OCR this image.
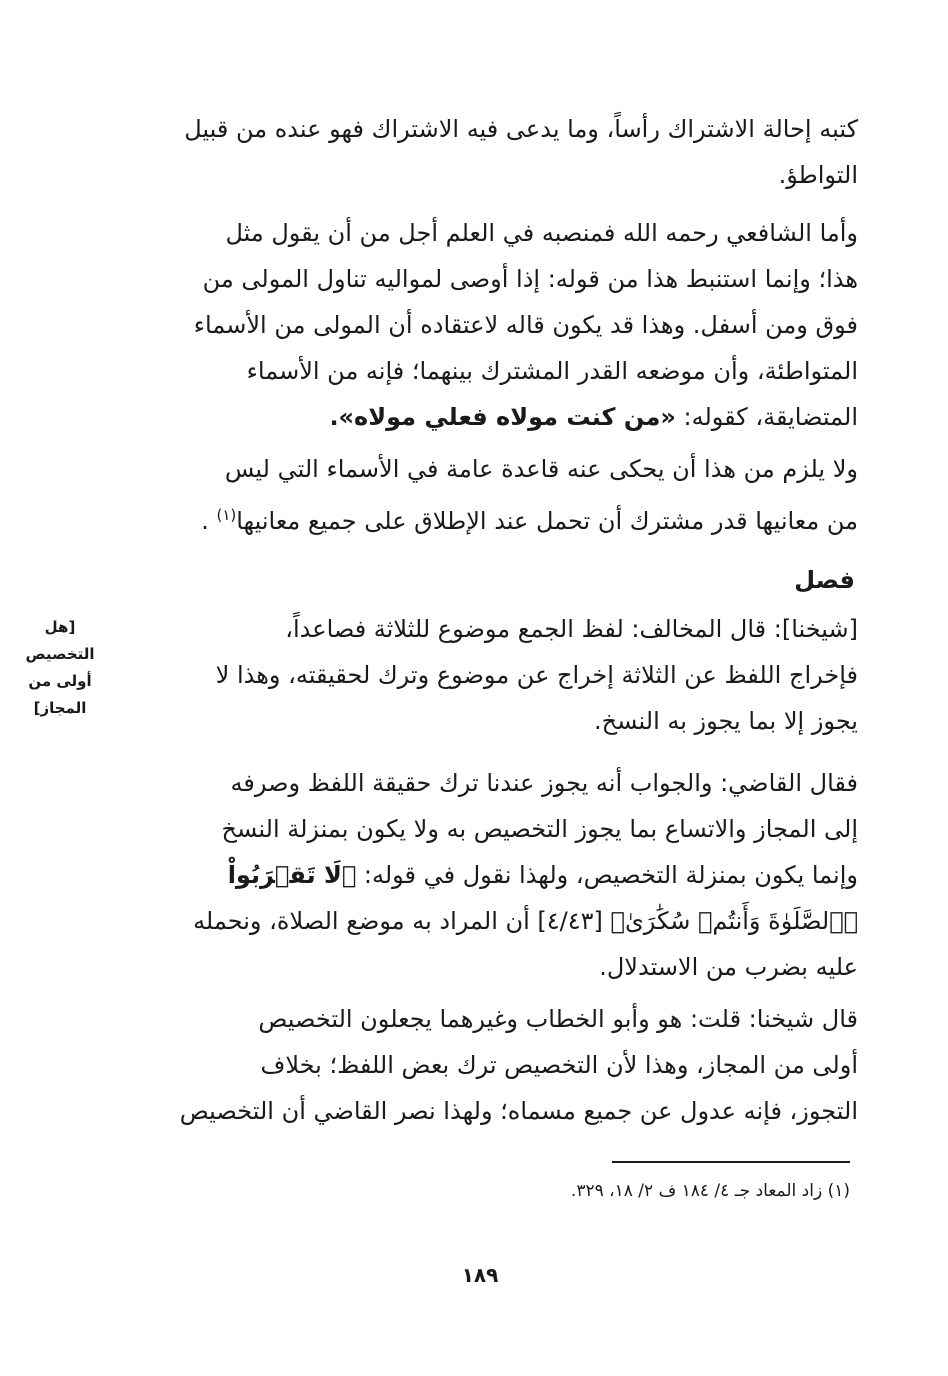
كتبه إحالة الاشتراك رأساً، وما يدعى فيه الاشتراك فهو عنده من قبيل
التواطؤ.
وأما الشافعي رحمه الله فمنصبه في العلم أجل من أن يقول مثل
هذا؛ وإنما استنبط هذا من قوله: إذا أوصى لمواليه تناول المولى من
فوق ومن أسفل. وهذا قد يكون قاله لاعتقاده أن المولى من الأسماء
المتواطئة، وأن موضعه القدر المشترك بينهما؛ فإنه من الأسماء
المتضايقة، كقوله: «من كنت مولاه فعلي مولاه».
ولا يلزم من هذا أن يحكى عنه قاعدة عامة في الأسماء التي ليس
من معانيها قدر مشترك أن تحمل عند الإطلاق على جميع معانيها$^{(١)}$ .
فصل
[هل
التخصيص
أولى من
المجاز]
[شيخنا]: قال المخالف: لفظ الجمع موضوع للثلاثة فصاعداً،
فإخراج اللفظ عن الثلاثة إخراج عن موضوع وترك لحقيقته، وهذا لا
يجوز إلا بما يجوز به النسخ.
فقال القاضي: والجواب أنه يجوز عندنا ترك حقيقة اللفظ وصرفه
إلى المجاز والاتساع بما يجوز التخصيص به ولا يكون بمنزلة النسخ
وإنما يكون بمنزلة التخصيص، ولهذا نقول في قوله: ﴿لَا تَقۡرَبُواْ
﴿ٱلصَّلَوٰةَ وَأَنتُمۡ سُكَٰرَىٰ﴾ [٤/٤٣] أن المراد به موضع الصلاة، ونحمله
عليه بضرب من الاستدلال.
قال شيخنا: قلت: هو وأبو الخطاب وغيرهما يجعلون التخصيص
أولى من المجاز، وهذا لأن التخصيص ترك بعض اللفظ؛ بخلاف
التجوز، فإنه عدول عن جميع مسماه؛ ولهذا نصر القاضي أن التخصيص
(١) زاد المعاد جـ ٤/ ١٨٤ ف ٢/ ١٨، ٣٢٩.
١٨٩
